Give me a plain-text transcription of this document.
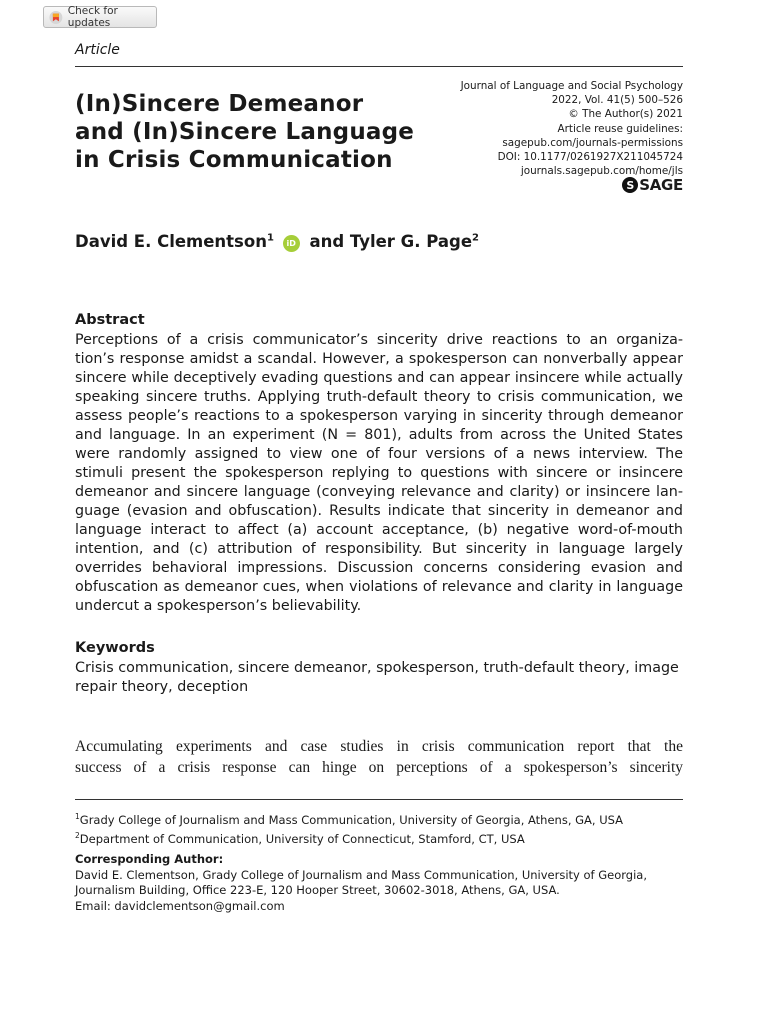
Check for updates
Article
(In)Sincere Demeanor
and (In)Sincere Language
in Crisis Communication
Journal of Language and Social Psychology
2022, Vol. 41(5) 500–526
© The Author(s) 2021
Article reuse guidelines:
sagepub.com/journals-permissions
DOI: 10.1177/0261927X211045724
journals.sagepub.com/home/jls
S SAGE
David E. Clementson$^1$ iD and Tyler G. Page$^2$
Abstract
Perceptions of a crisis communicator’s sincerity drive reactions to an organiza-
tion’s response amidst a scandal. However, a spokesperson can nonverbally appear
sincere while deceptively evading questions and can appear insincere while actually
speaking sincere truths. Applying truth-default theory to crisis communication, we
assess people’s reactions to a spokesperson varying in sincerity through demeanor
and language. In an experiment (N = 801), adults from across the United States
were randomly assigned to view one of four versions of a news interview. The
stimuli present the spokesperson replying to questions with sincere or insincere
demeanor and sincere language (conveying relevance and clarity) or insincere lan-
guage (evasion and obfuscation). Results indicate that sincerity in demeanor and
language interact to affect (a) account acceptance, (b) negative word-of-mouth
intention, and (c) attribution of responsibility. But sincerity in language largely
overrides behavioral impressions. Discussion concerns considering evasion and
obfuscation as demeanor cues, when violations of relevance and clarity in language
undercut a spokesperson’s believability.
Keywords
Crisis communication, sincere demeanor, spokesperson, truth-default theory, image
repair theory, deception
Accumulating experiments and case studies in crisis communication report that the
success of a crisis response can hinge on perceptions of a spokesperson’s sincerity
$^1$Grady College of Journalism and Mass Communication, University of Georgia, Athens, GA, USA
$^2$Department of Communication, University of Connecticut, Stamford, CT, USA
Corresponding Author:
David E. Clementson, Grady College of Journalism and Mass Communication, University of Georgia,
Journalism Building, Office 223-E, 120 Hooper Street, 30602-3018, Athens, GA, USA.
Email: davidclementson@gmail.com
